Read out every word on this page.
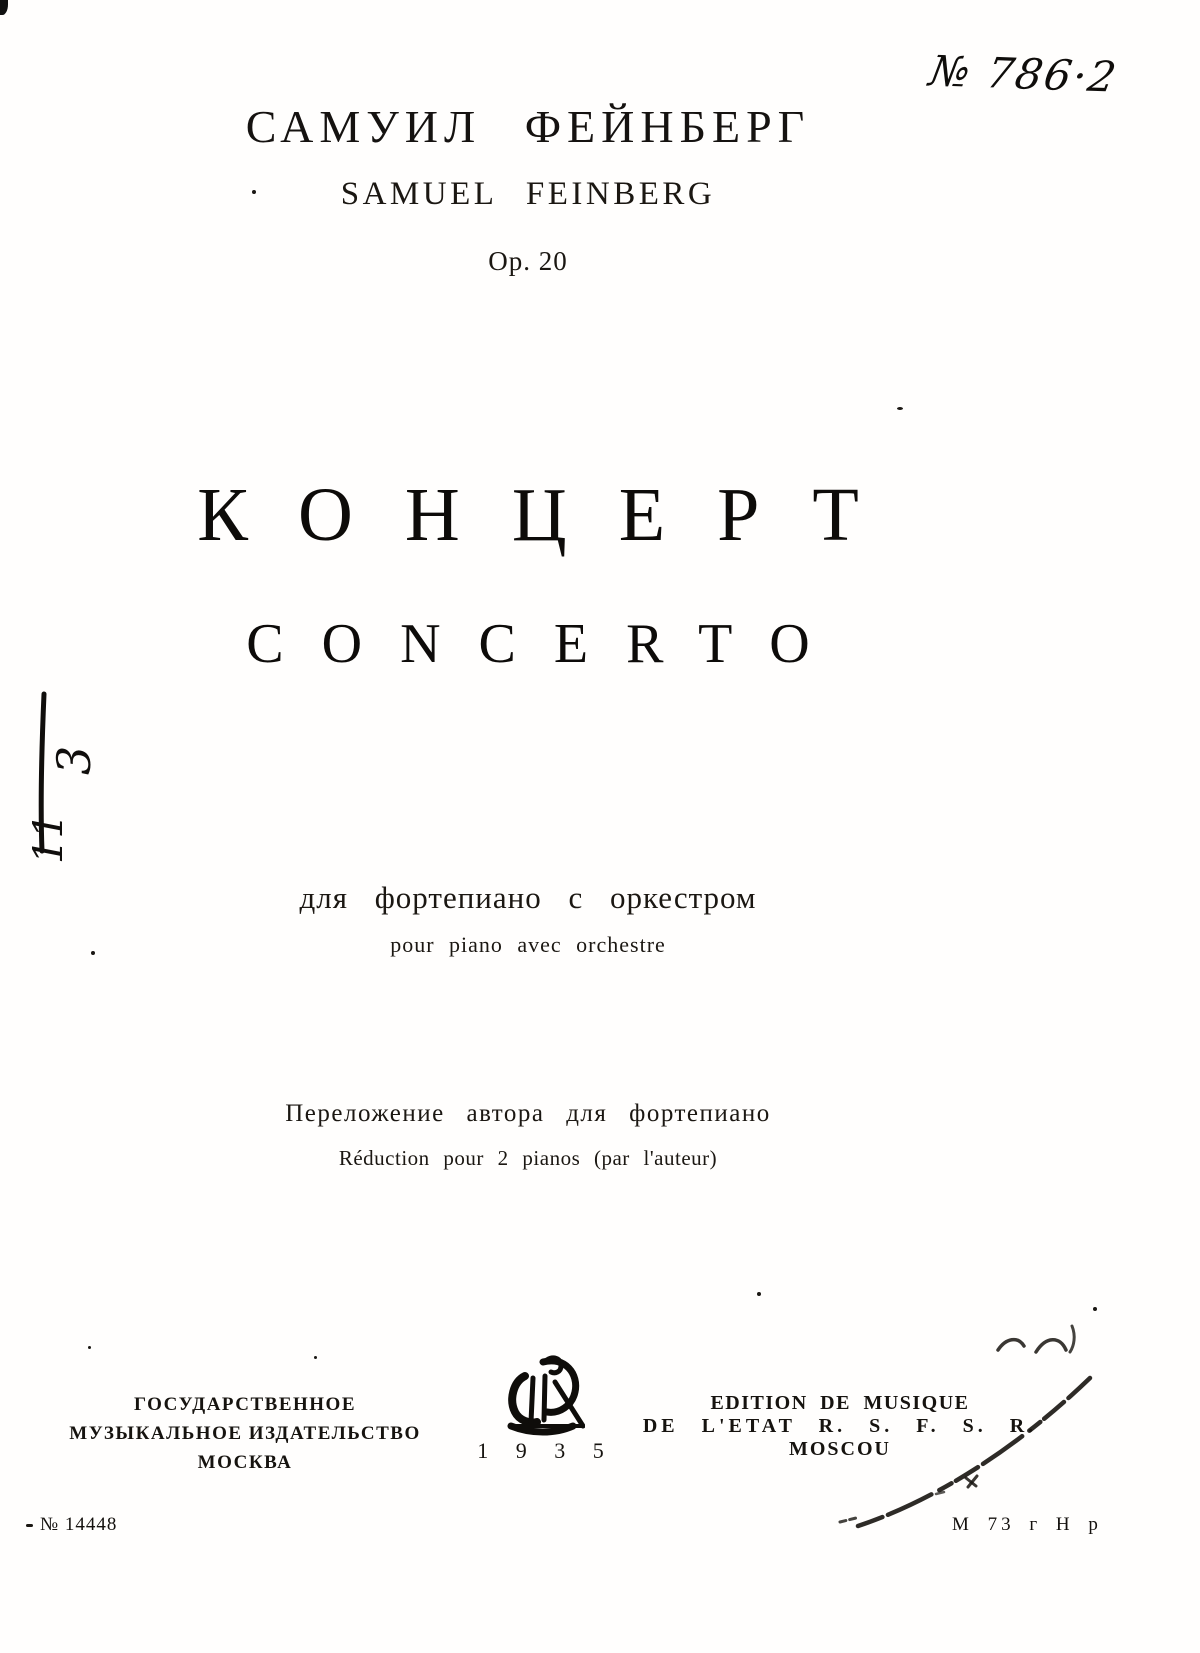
№ 786·2
САМУИЛ ФЕЙНБЕРГ
SAMUEL FEINBERG
Op. 20
КОНЦЕРТ
CONCERTO
для фортепиано с оркестром
pour piano avec orchestre
Переложение автора для фортепиано
Réduction pour 2 pianos (par l'auteur)
ГОСУДАРСТВЕННОЕ
МУЗЫКАЛЬНОЕ ИЗДАТЕЛЬСТВО
МОСКВА	1 9 3 5
EDITION DE MUSIQUE
DE L'ETAT R. S. F. S. R.
MOSCOU
№ 14448	М 73 г Н р
3
11
